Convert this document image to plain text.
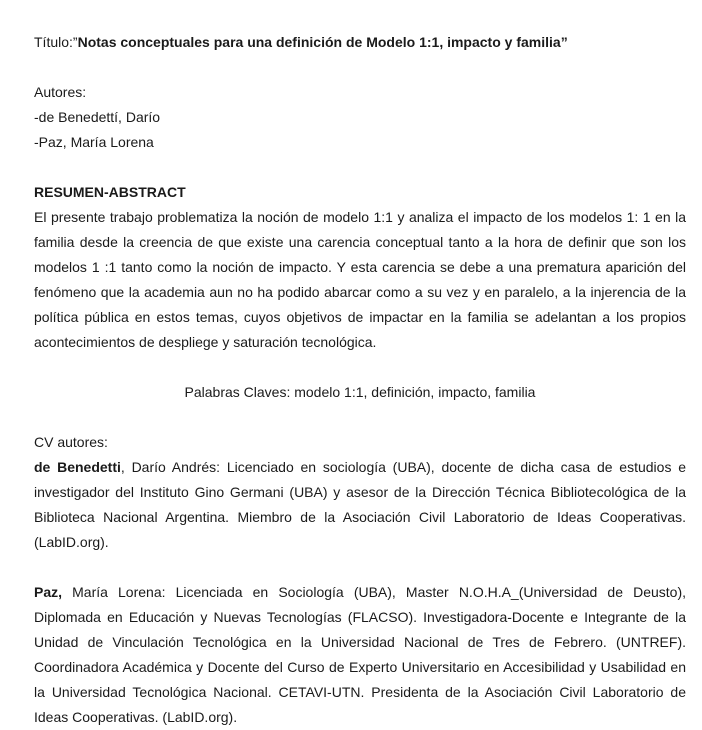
Título:”Notas conceptuales para una definición de Modelo 1:1, impacto y familia”

Autores:

-de Benedettí, Darío

-Paz, María Lorena

RESUMEN-ABSTRACT

El presente trabajo problematiza la noción de modelo 1:1 y analiza el impacto de los modelos 1: 1 en la familia desde la creencia de que existe una carencia conceptual tanto a la hora de definir que son los modelos 1 :1 tanto como la noción de impacto. Y esta carencia se debe a una prematura aparición del fenómeno que la academia aun no ha podido abarcar como a su vez y en paralelo, a la injerencia de la política pública en estos temas, cuyos objetivos de impactar en la familia se adelantan a los propios acontecimientos de despliege y saturación tecnológica.

Palabras Claves: modelo 1:1, definición, impacto, familia

CV autores:

de Benedetti, Darío Andrés: Licenciado en sociología (UBA), docente de dicha casa de estudios e investigador del Instituto Gino Germani (UBA) y asesor de la Dirección Técnica Bibliotecológica de la Biblioteca Nacional Argentina. Miembro de la Asociación Civil Laboratorio de Ideas Cooperativas. (LabID.org).

Paz, María Lorena: Licenciada en Sociología (UBA), Master N.O.H.A_(Universidad de Deusto), Diplomada en Educación y Nuevas Tecnologías (FLACSO). Investigadora-Docente e Integrante de la Unidad de Vinculación Tecnológica en la Universidad Nacional de Tres de Febrero. (UNTREF). Coordinadora Académica y Docente del Curso de Experto Universitario en Accesibilidad y Usabilidad en la Universidad Tecnológica Nacional. CETAVI-UTN. Presidenta de la Asociación Civil Laboratorio de Ideas Cooperativas. (LabID.org).
